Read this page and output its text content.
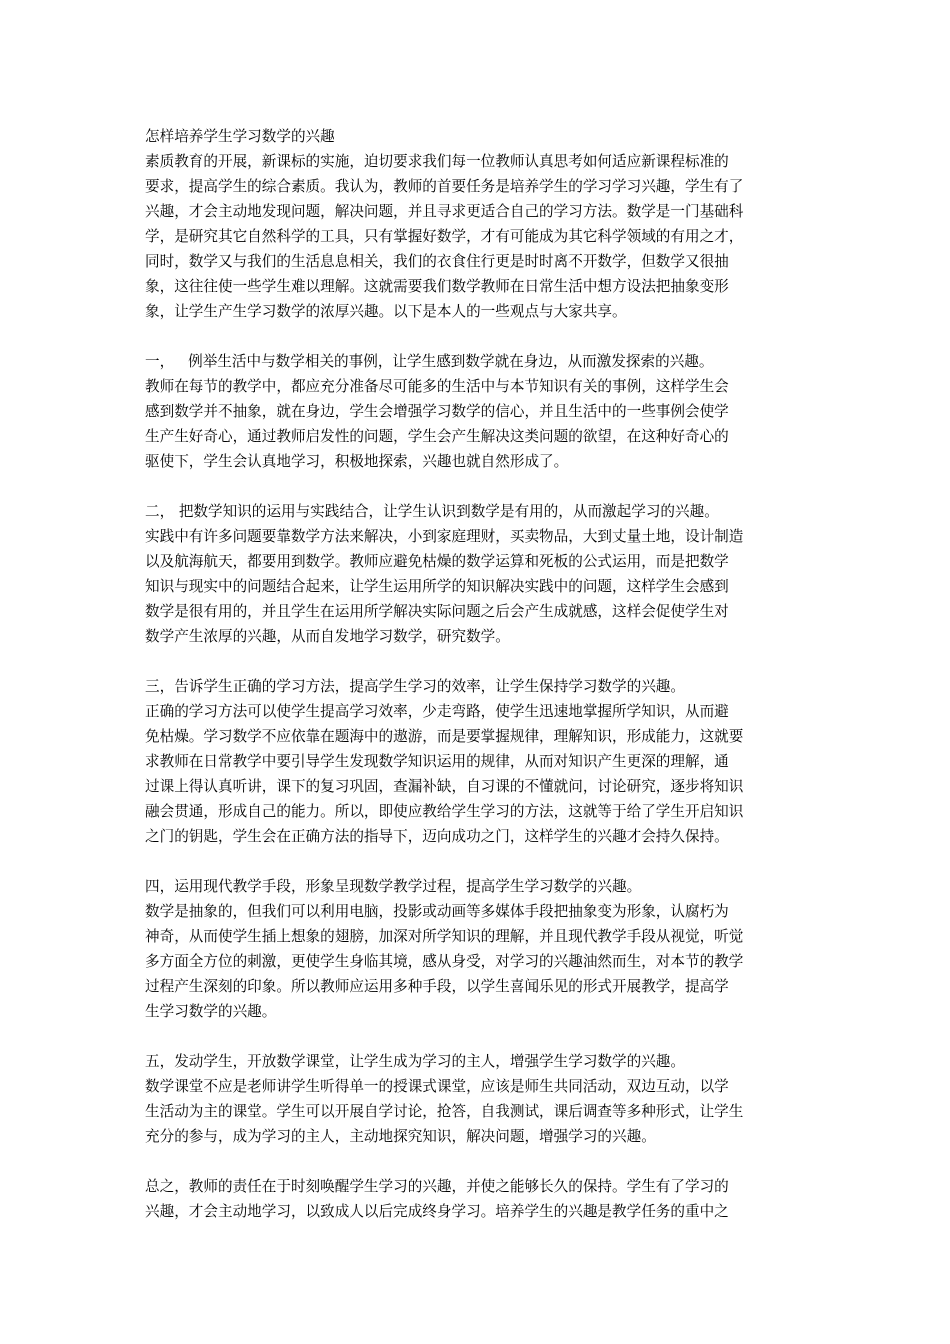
怎样培养学生学习数学的兴趣
素质教育的开展，新课标的实施，迫切要求我们每一位教师认真思考如何适应新课程标准的
要求，提高学生的综合素质。我认为，教师的首要任务是培养学生的学习学习兴趣，学生有了
兴趣，才会主动地发现问题，解决问题，并且寻求更适合自己的学习方法。数学是一门基础科
学，是研究其它自然科学的工具，只有掌握好数学，才有可能成为其它科学领域的有用之才，
同时，数学又与我们的生活息息相关，我们的衣食住行更是时时离不开数学，但数学又很抽
象，这往往使一些学生难以理解。这就需要我们数学教师在日常生活中想方设法把抽象变形
象，让学生产生学习数学的浓厚兴趣。以下是本人的一些观点与大家共享。
一，   例举生活中与数学相关的事例，让学生感到数学就在身边，从而激发探索的兴趣。
教师在每节的教学中，都应充分准备尽可能多的生活中与本节知识有关的事例，这样学生会
感到数学并不抽象，就在身边，学生会增强学习数学的信心，并且生活中的一些事例会使学
生产生好奇心，通过教师启发性的问题，学生会产生解决这类问题的欲望，在这种好奇心的
驱使下，学生会认真地学习，积极地探索，兴趣也就自然形成了。
二， 把数学知识的运用与实践结合，让学生认识到数学是有用的，从而激起学习的兴趣。
实践中有许多问题要靠数学方法来解决，小到家庭理财，买卖物品，大到丈量土地，设计制造
以及航海航天，都要用到数学。教师应避免枯燥的数学运算和死板的公式运用，而是把数学
知识与现实中的问题结合起来，让学生运用所学的知识解决实践中的问题，这样学生会感到
数学是很有用的，并且学生在运用所学解决实际问题之后会产生成就感，这样会促使学生对
数学产生浓厚的兴趣，从而自发地学习数学，研究数学。
三，告诉学生正确的学习方法，提高学生学习的效率，让学生保持学习数学的兴趣。
正确的学习方法可以使学生提高学习效率，少走弯路，使学生迅速地掌握所学知识，从而避
免枯燥。学习数学不应依靠在题海中的遨游，而是要掌握规律，理解知识，形成能力，这就要
求教师在日常教学中要引导学生发现数学知识运用的规律，从而对知识产生更深的理解，通
过课上得认真听讲，课下的复习巩固，查漏补缺，自习课的不懂就问，讨论研究，逐步将知识
融会贯通，形成自己的能力。所以，即使应教给学生学习的方法，这就等于给了学生开启知识
之门的钥匙，学生会在正确方法的指导下，迈向成功之门，这样学生的兴趣才会持久保持。
四，运用现代教学手段，形象呈现数学教学过程，提高学生学习数学的兴趣。
数学是抽象的，但我们可以利用电脑，投影或动画等多媒体手段把抽象变为形象，认腐朽为
神奇，从而使学生插上想象的翅膀，加深对所学知识的理解，并且现代教学手段从视觉，听觉
多方面全方位的刺激，更使学生身临其境，感从身受，对学习的兴趣油然而生，对本节的教学
过程产生深刻的印象。所以教师应运用多种手段，以学生喜闻乐见的形式开展教学，提高学
生学习数学的兴趣。
五，发动学生，开放数学课堂，让学生成为学习的主人，增强学生学习数学的兴趣。
数学课堂不应是老师讲学生听得单一的授课式课堂，应该是师生共同活动，双边互动，以学
生活动为主的课堂。学生可以开展自学讨论，抢答，自我测试，课后调查等多种形式，让学生
充分的参与，成为学习的主人，主动地探究知识，解决问题，增强学习的兴趣。
总之，教师的责任在于时刻唤醒学生学习的兴趣，并使之能够长久的保持。学生有了学习的
兴趣，才会主动地学习，以致成人以后完成终身学习。培养学生的兴趣是教学任务的重中之
